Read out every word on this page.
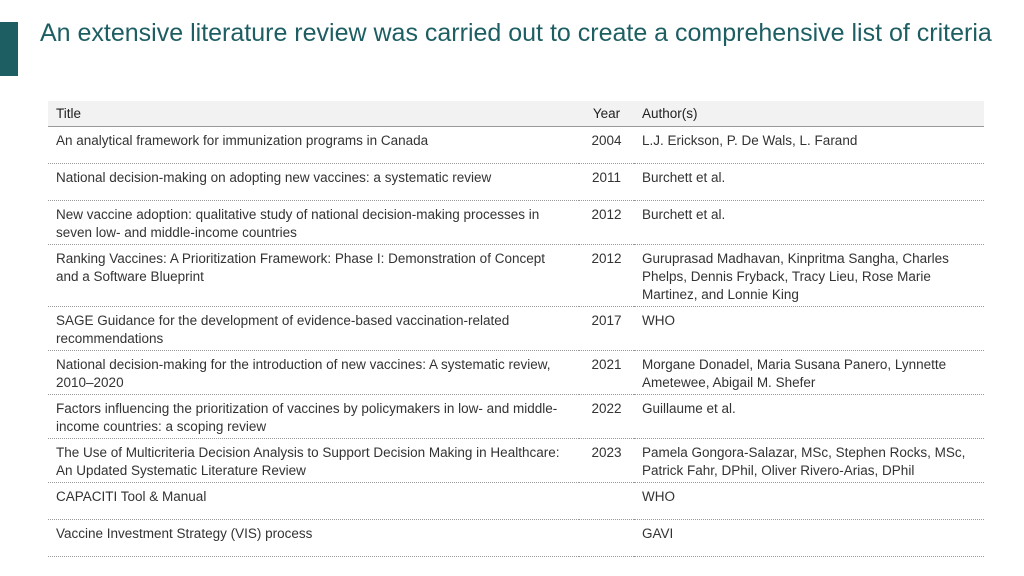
An extensive literature review was carried out to create a comprehensive list of criteria
Title	Year	Author(s)
An analytical framework for immunization programs in Canada	2004	L.J. Erickson, P. De Wals, L. Farand
National decision-making on adopting new vaccines: a systematic review	2011	Burchett et al.
New vaccine adoption: qualitative study of national decision-making processes in seven low- and middle-income countries	2012	Burchett et al.
Ranking Vaccines: A Prioritization Framework: Phase I: Demonstration of Concept and a Software Blueprint	2012	Guruprasad Madhavan, Kinpritma Sangha, Charles Phelps, Dennis Fryback, Tracy Lieu, Rose Marie Martinez, and Lonnie King
SAGE Guidance for the development of evidence-based vaccination-related recommendations	2017	WHO
National decision-making for the introduction of new vaccines: A systematic review, 2010–2020	2021	Morgane Donadel, Maria Susana Panero, Lynnette Ametewee, Abigail M. Shefer
Factors influencing the prioritization of vaccines by policymakers in low- and middle-income countries: a scoping review	2022	Guillaume et al.
The Use of Multicriteria Decision Analysis to Support Decision Making in Healthcare: An Updated Systematic Literature Review	2023	Pamela Gongora-Salazar, MSc, Stephen Rocks, MSc, Patrick Fahr, DPhil, Oliver Rivero-Arias, DPhil
CAPACITI Tool & Manual		WHO
Vaccine Investment Strategy (VIS) process		GAVI
